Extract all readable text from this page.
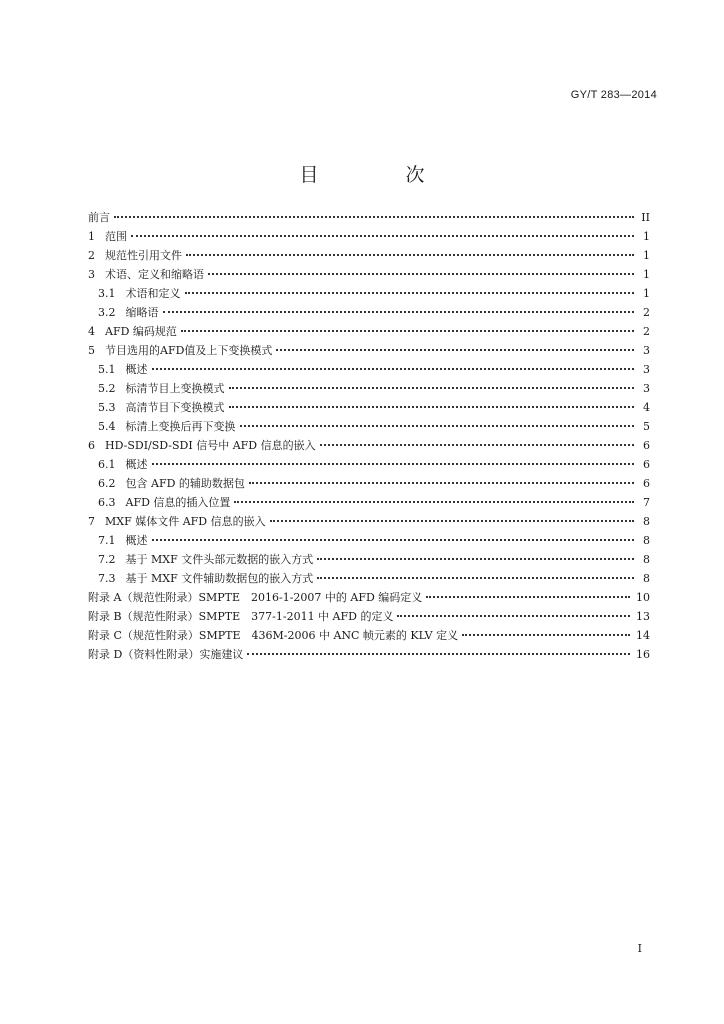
GY/T 283—2014
目　次
前言	II
1 范围	1
2 规范性引用文件	1
3 术语、定义和缩略语	1
3.1 术语和定义	1
3.2 缩略语	2
4 AFD 编码规范	2
5 节目选用的AFD值及上下变换模式	3
5.1 概述	3
5.2 标清节目上变换模式	3
5.3 高清节目下变换模式	4
5.4 标清上变换后再下变换	5
6 HD-SDI/SD-SDI 信号中 AFD 信息的嵌入	6
6.1 概述	6
6.2 包含 AFD 的辅助数据包	6
6.3 AFD 信息的插入位置	7
7 MXF 媒体文件 AFD 信息的嵌入	8
7.1 概述	8
7.2 基于 MXF 文件头部元数据的嵌入方式	8
7.3 基于 MXF 文件辅助数据包的嵌入方式	8
附录 A（规范性附录）SMPTE　2016-1-2007 中的 AFD 编码定义	10
附录 B（规范性附录）SMPTE　377-1-2011 中 AFD 的定义	13
附录 C（规范性附录）SMPTE　436M-2006 中 ANC 帧元素的 KLV 定义	14
附录 D（资料性附录）实施建议	16
I
